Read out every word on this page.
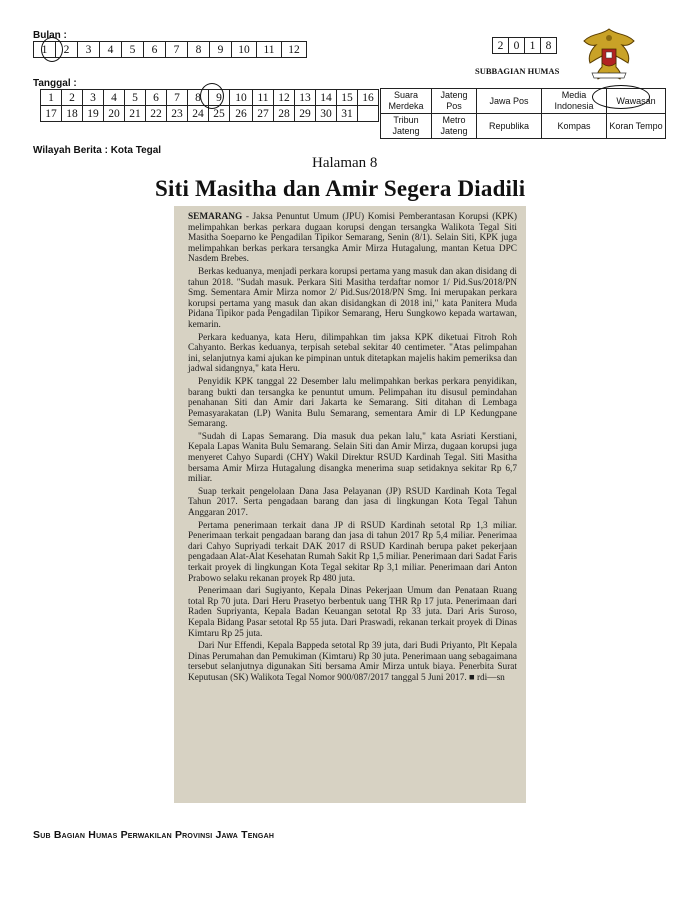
Bulan :
1	2	3	4	5	6	7	8	9	10	11	12	2	0	1	8
SUBBAGIAN HUMAS
Tanggal :
1	2	3	4	5	6	7	8	9	10	11	12	13	14	15	16
17	18	19	20	21	22	23	24	25	26	27	28	29	30	31	
Suara Merdeka	Jateng Pos	Jawa Pos	Media Indonesia	Wawasan
Tribun Jateng	Metro Jateng	Republika	Kompas	Koran Tempo
Wilayah Berita : Kota Tegal
Halaman 8
Siti Masitha dan Amir Segera Diadili

SEMARANG - Jaksa Penuntut Umum (JPU) Komisi Pemberantasan Korupsi (KPK) melimpahkan berkas perkara dugaan korupsi dengan tersangka Walikota Tegal Siti Masitha Soeparno ke Pengadilan Tipikor Semarang, Senin (8/1). Selain Siti, KPK juga melimpahkan berkas perkara tersangka Amir Mirza Hutagalung, mantan Ketua DPC Nasdem Brebes.

Berkas keduanya, menjadi perkara korupsi pertama yang masuk dan akan disidang di tahun 2018. "Sudah masuk. Perkara Siti Masitha terdaftar nomor 1/ Pid.Sus/2018/PN Smg. Sementara Amir Mirza nomor 2/ Pid.Sus/2018/PN Smg. Ini merupakan perkara korupsi pertama yang masuk dan akan disidangkan di 2018 ini," kata Panitera Muda Pidana Tipikor pada Pengadilan Tipikor Semarang, Heru Sungkowo kepada wartawan, kemarin.

Perkara keduanya, kata Heru, dilimpahkan tim jaksa KPK diketuai Fitroh Roh Cahyanto. Berkas keduanya, terpisah setebal sekitar 40 centimeter. "Atas pelimpahan ini, selanjutnya kami ajukan ke pimpinan untuk ditetapkan majelis hakim pemeriksa dan jadwal sidangnya," kata Heru.

Penyidik KPK tanggal 22 Desember lalu melimpahkan berkas perkara penyidikan, barang bukti dan tersangka ke penuntut umum. Pelimpahan itu disusul pemindahan penahanan Siti dan Amir dari Jakarta ke Semarang. Siti ditahan di Lembaga Pemasyarakatan (LP) Wanita Bulu Semarang, sementara Amir di LP Kedungpane Semarang.

"Sudah di Lapas Semarang. Dia masuk dua pekan lalu," kata Asriati Kerstiani, Kepala Lapas Wanita Bulu Semarang. Selain Siti dan Amir Mirza, dugaan korupsi juga menyeret Cahyo Supardi (CHY) Wakil Direktur RSUD Kardinah Tegal. Siti Masitha bersama Amir Mirza Hutagalung disangka menerima suap setidaknya sekitar Rp 6,7 miliar.

Suap terkait pengelolaan Dana Jasa Pelayanan (JP) RSUD Kardinah Kota Tegal Tahun 2017. Serta pengadaan barang dan jasa di lingkungan Kota Tegal Tahun Anggaran 2017.

Pertama penerimaan terkait dana JP di RSUD Kardinah setotal Rp 1,3 miliar. Penerimaan terkait pengadaan barang dan jasa di tahun 2017 Rp 5,4 miliar. Penerimaa dari Cahyo Supriyadi terkait DAK 2017 di RSUD Kardinah berupa paket pekerjaan pengadaan Alat-Alat Kesehatan Rumah Sakit Rp 1,5 miliar. Penerimaan dari Sadat Faris terkait proyek di lingkungan Kota Tegal sekitar Rp 3,1 miliar. Penerimaan dari Anton Prabowo selaku rekanan proyek Rp 480 juta.

Penerimaan dari Sugiyanto, Kepala Dinas Pekerjaan Umum dan Penataan Ruang total Rp 70 juta. Dari Heru Prasetyo berbentuk uang THR Rp 17 juta. Penerimaan dari Raden Supriyanta, Kepala Badan Keuangan setotal Rp 33 juta. Dari Aris Suroso, Kepala Bidang Pasar setotal Rp 55 juta. Dari Praswadi, rekanan terkait proyek di Dinas Kimtaru Rp 25 juta.

Dari Nur Effendi, Kepala Bappeda setotal Rp 39 juta, dari Budi Priyanto, Plt Kepala Dinas Perumahan dan Pemukiman (Kimtaru) Rp 30 juta. Penerimaan uang sebagaimana tersebut selanjutnya digunakan Siti bersama Amir Mirza untuk biaya. Penerbita Surat Keputusan (SK) Walikota Tegal Nomor 900/087/2017 tanggal 5 Juni 2017. ■ rdi—sn

Sub Bagian Humas Perwakilan Provinsi Jawa Tengah
